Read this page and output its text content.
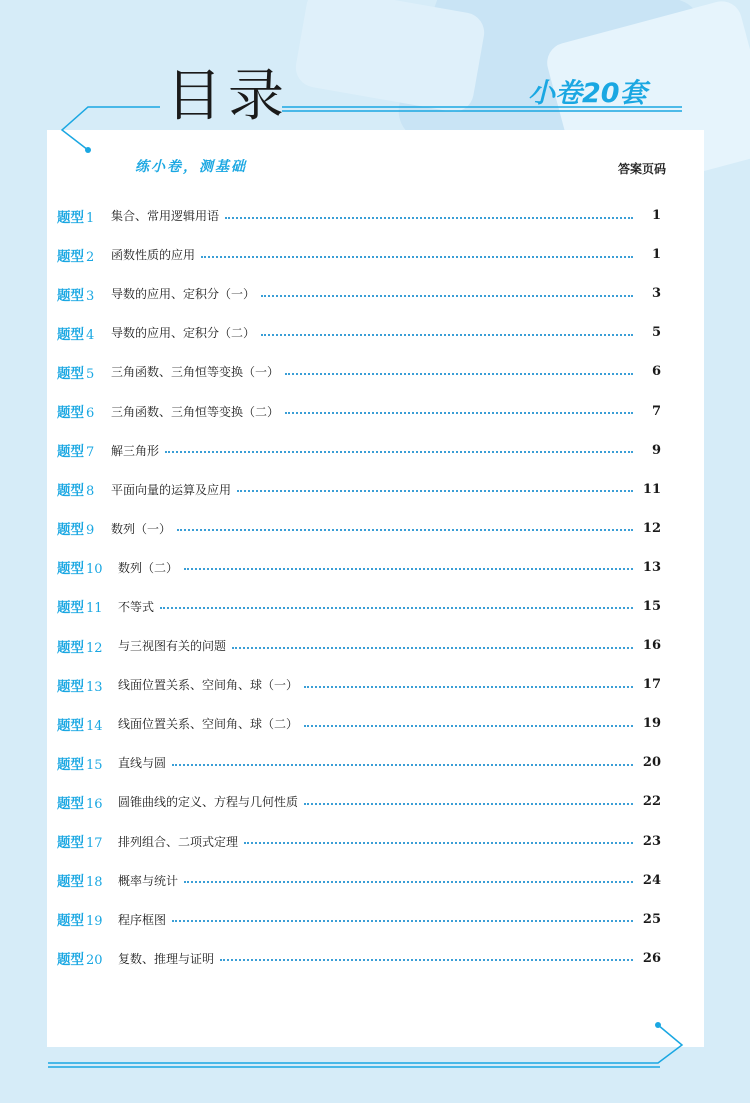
目录	小卷20套
练小卷，测基础	答案页码
题型 1	集合、常用逻辑用语	1
题型 2	函数性质的应用	1
题型 3	导数的应用、定积分（一）	3
题型 4	导数的应用、定积分（二）	5
题型 5	三角函数、三角恒等变换（一）	6
题型 6	三角函数、三角恒等变换（二）	7
题型 7	解三角形	9
题型 8	平面向量的运算及应用	11
题型 9	数列（一）	12
题型 10	数列（二）	13
题型 11	不等式	15
题型 12	与三视图有关的问题	16
题型 13	线面位置关系、空间角、球（一）	17
题型 14	线面位置关系、空间角、球（二）	19
题型 15	直线与圆	20
题型 16	圆锥曲线的定义、方程与几何性质	22
题型 17	排列组合、二项式定理	23
题型 18	概率与统计	24
题型 19	程序框图	25
题型 20	复数、推理与证明	26
